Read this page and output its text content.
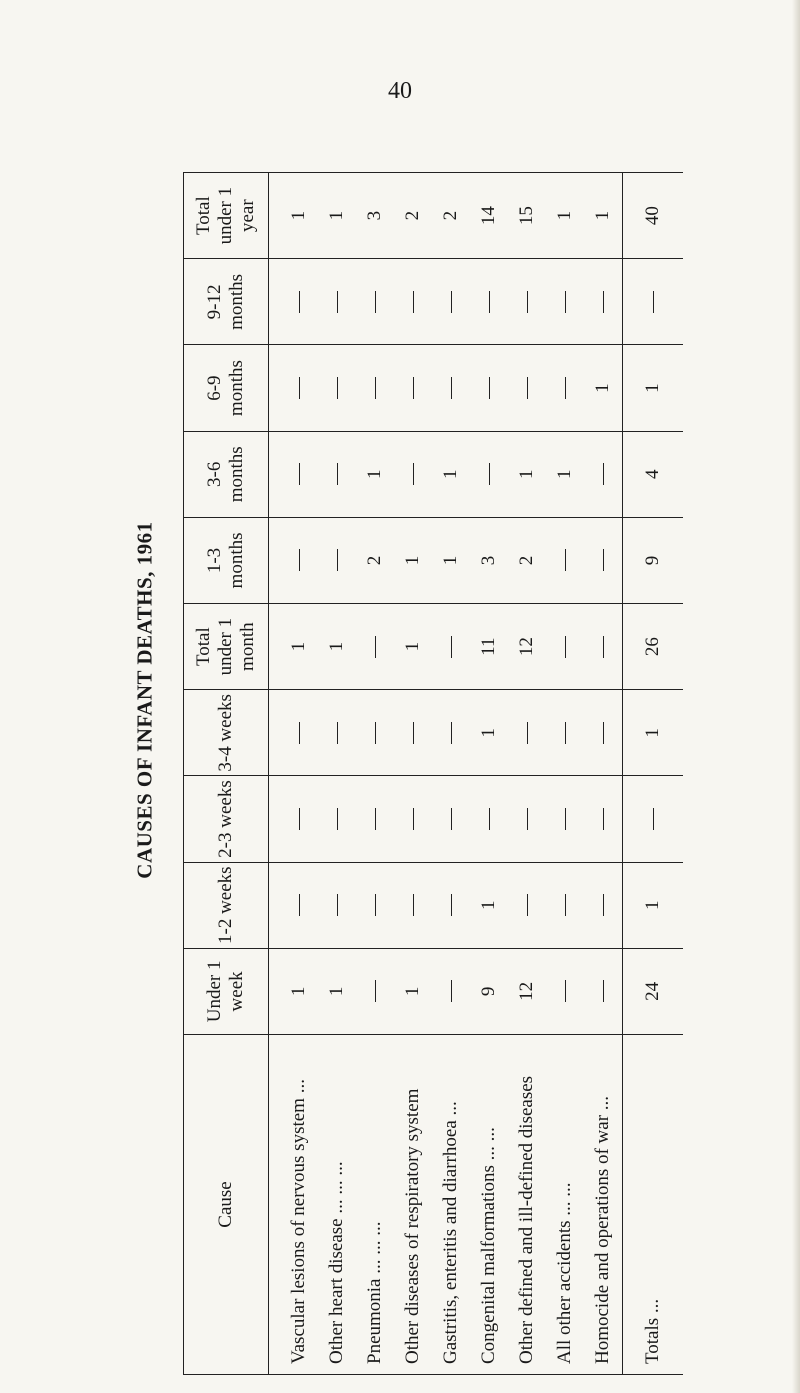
40
CAUSES OF INFANT DEATHS, 1961
Cause	Under 1 week	1-2 weeks	2-3 weeks	3-4 weeks	Total under 1 month	1-3 months	3-6 months	6-9 months	9-12 months	Total under 1 year
Vascular lesions of nervous system ...	1				1					1
Other heart disease ... ... ...	1				1					1
Pneumonia ... ... ...						2	1			3
Other diseases of respiratory system	1				1	1				2
Gastritis, enteritis and diarrhoea ...						1	1			2
Congenital malformations ... ...	9	1		1	11	3				14
Other defined and ill-defined diseases	12				12	2	1			15
All other accidents ... ...							1			1
Homocide and operations of war ...								1		1
Totals ...	24	1		1	26	9	4	1		40
